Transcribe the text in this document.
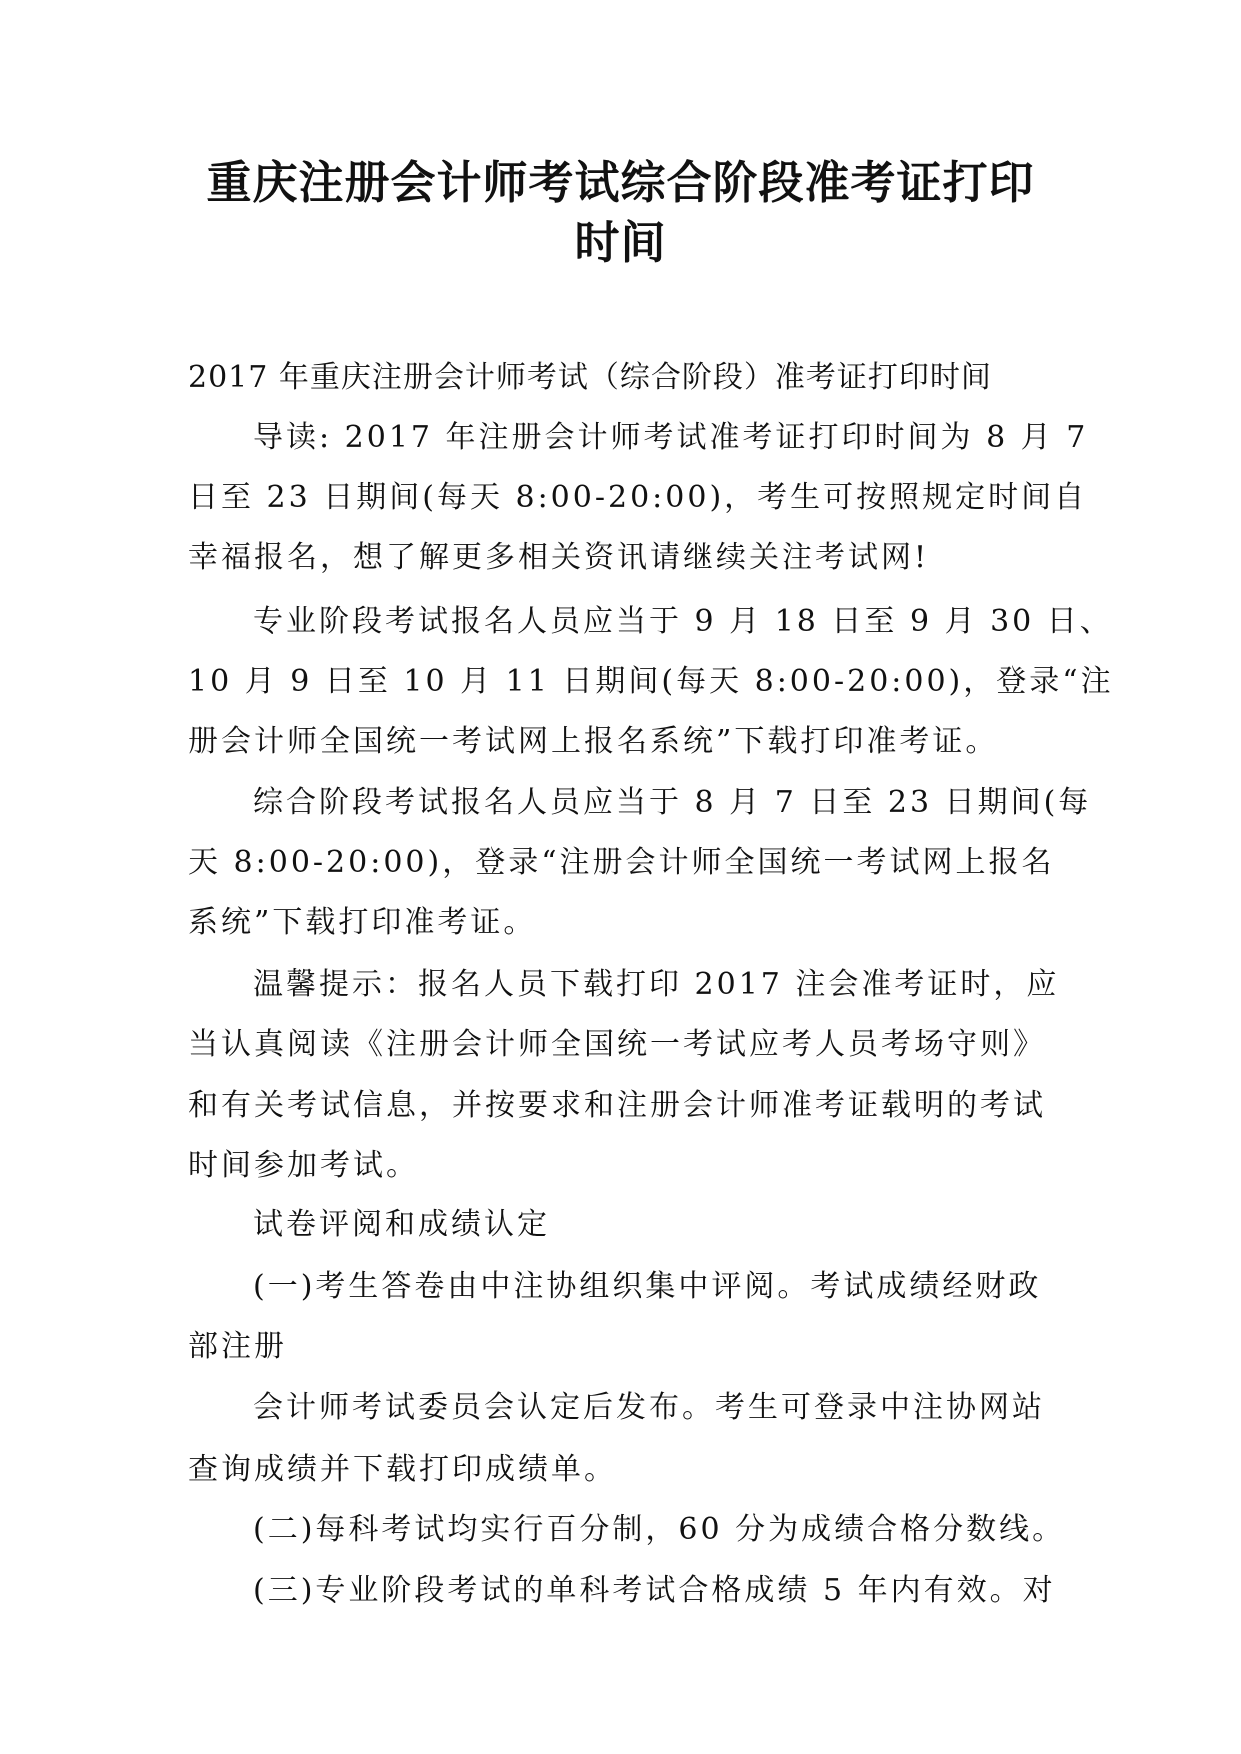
重庆注册会计师考试综合阶段准考证打印
时间

2017 年重庆注册会计师考试（综合阶段）准考证打印时间

导读: 2017 年注册会计师考试准考证打印时间为 8 月 7

日至 23 日期间(每天 8:00-20:00)，考生可按照规定时间自

幸福报名，想了解更多相关资讯请继续关注考试网!

专业阶段考试报名人员应当于 9 月 18 日至 9 月 30 日、

10 月 9 日至 10 月 11 日期间(每天 8:00-20:00)，登录“注

册会计师全国统一考试网上报名系统”下载打印准考证。

综合阶段考试报名人员应当于 8 月 7 日至 23 日期间(每

天 8:00-20:00)，登录“注册会计师全国统一考试网上报名

系统”下载打印准考证。

温馨提示：报名人员下载打印 2017 注会准考证时，应

当认真阅读《注册会计师全国统一考试应考人员考场守则》

和有关考试信息，并按要求和注册会计师准考证载明的考试

时间参加考试。

试卷评阅和成绩认定

(一)考生答卷由中注协组织集中评阅。考试成绩经财政

部注册

会计师考试委员会认定后发布。考生可登录中注协网站

查询成绩并下载打印成绩单。

(二)每科考试均实行百分制，60 分为成绩合格分数线。

(三)专业阶段考试的单科考试合格成绩 5 年内有效。对
